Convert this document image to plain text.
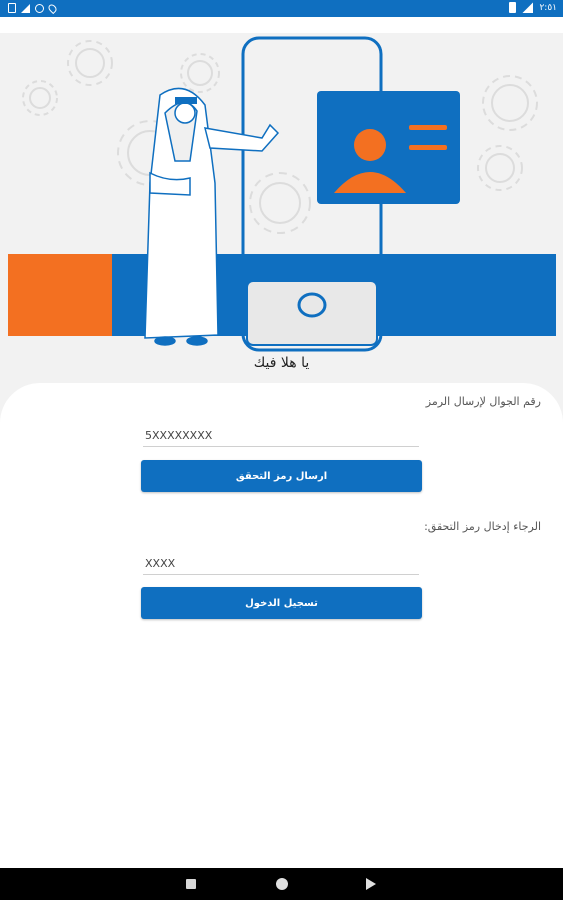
٢:٥١
يا هلا فيك
رقم الجوال لإرسال الرمز
5XXXXXXXX
ارسال رمز التحقق
الرجاء إدخال رمز التحقق:
XXXX
تسجيل الدخول
